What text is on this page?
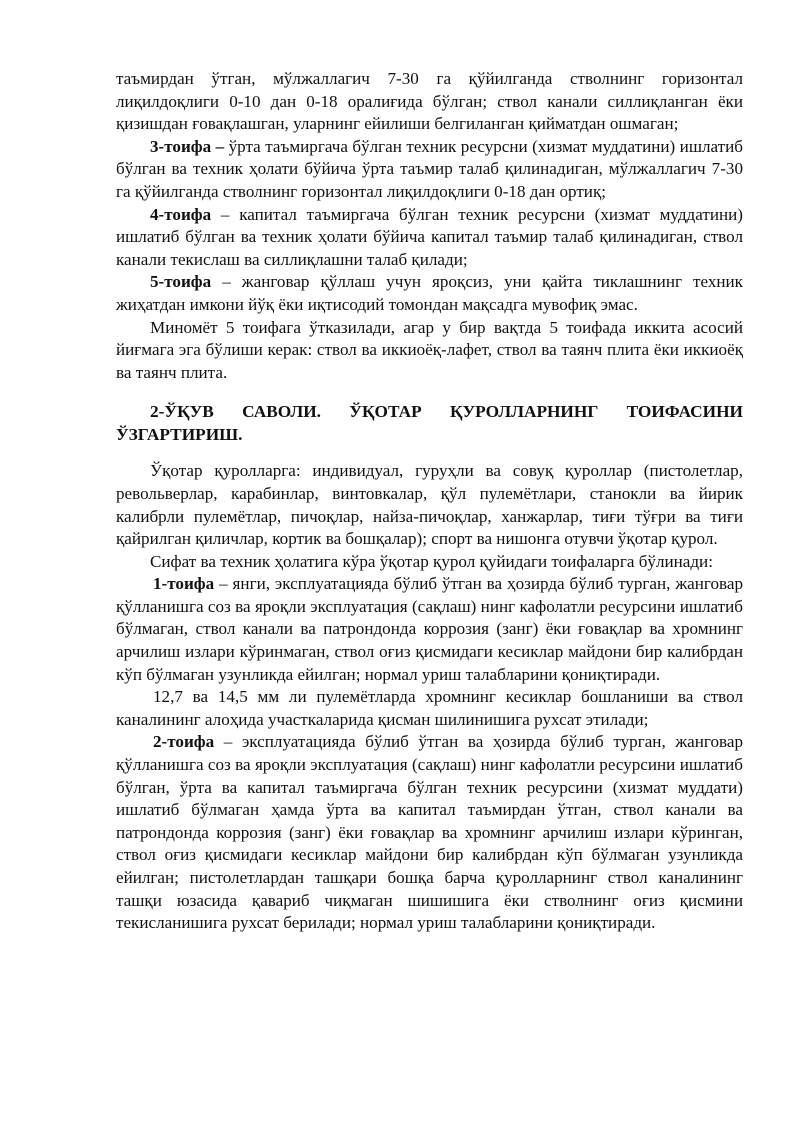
таъмирдан ўтган, мўлжаллагич 7-30 га қўйилганда стволнинг горизонтал лиқилдоқлиги 0-10 дан 0-18 оралиғида бўлган; ствол канали силлиқланган ёки қизишдан ғовақлашган, уларнинг ейилиши белгиланган қийматдан ошмаган;

3-тоифа – ўрта таъмиргача бўлган техник ресурсни (хизмат муддатини) ишлатиб бўлган ва техник ҳолати бўйича ўрта таъмир талаб қилинадиган, мўлжаллагич 7-30 га қўйилганда стволнинг горизонтал лиқилдоқлиги 0-18 дан ортиқ;

4-тоифа – капитал таъмиргача бўлган техник ресурсни (хизмат муддатини) ишлатиб бўлган ва техник ҳолати бўйича капитал таъмир талаб қилинадиган, ствол канали текислаш ва силлиқлашни талаб қилади;

5-тоифа – жанговар қўллаш учун яроқсиз, уни қайта тиклашнинг техник жиҳатдан имкони йўқ ёки иқтисодий томондан мақсадга мувофиқ эмас.

Миномёт 5 тоифага ўтказилади, агар у бир вақтда 5 тоифада иккита асосий йиғмага эга бўлиши керак: ствол ва иккиоёқ-лафет, ствол ва таянч плита ёки иккиоёқ ва таянч плита.

2-ЎҚУВ САВОЛИ. ЎҚОТАР ҚУРОЛЛАРНИНГ ТОИФАСИНИ ЎЗГАРТИРИШ.

Ўқотар қуролларга: индивидуал, гуруҳли ва совуқ қуроллар (пистолетлар, револьверлар, карабинлар, винтовкалар, қўл пулемётлари, станокли ва йирик калибрли пулемётлар, пичоқлар, найза-пичоқлар, ханжарлар, тиғи тўғри ва тиғи қайрилган қиличлар, кортик ва бошқалар); спорт ва нишонга отувчи ўқотар қурол.

Сифат ва техник ҳолатига кўра ўқотар қурол қуйидаги тоифаларга бўлинади:

1-тоифа – янги, эксплуатацияда бўлиб ўтган ва ҳозирда бўлиб турган, жанговар қўлланишга соз ва яроқли эксплуатация (сақлаш) нинг кафолатли ресурсини ишлатиб бўлмаган, ствол канали ва патрондонда коррозия (занг) ёки ғовақлар ва хромнинг арчилиш излари кўринмаган, ствол оғиз қисмидаги кесиклар майдони бир калибрдан кўп бўлмаган узунликда ейилган; нормал уриш талабларини қониқтиради.

12,7 ва 14,5 мм ли пулемётларда хромнинг кесиклар бошланиши ва ствол каналининг алоҳида участкаларида қисман шилинишига рухсат этилади;

2-тоифа – эксплуатацияда бўлиб ўтган ва ҳозирда бўлиб турган, жанговар қўлланишга соз ва яроқли эксплуатация (сақлаш) нинг кафолатли ресурсини ишлатиб бўлган, ўрта ва капитал таъмиргача бўлган техник ресурсини (хизмат муддати) ишлатиб бўлмаган ҳамда ўрта ва капитал таъмирдан ўтган, ствол канали ва патрондонда коррозия (занг) ёки ғовақлар ва хромнинг арчилиш излари кўринган, ствол оғиз қисмидаги кесиклар майдони бир калибрдан кўп бўлмаган узунликда ейилган; пистолетлардан ташқари бошқа барча қуролларнинг ствол каналининг ташқи юзасида қавариб чиқмаган шишишига ёки стволнинг оғиз қисмини текисланишига рухсат берилади; нормал уриш талабларини қониқтиради.
